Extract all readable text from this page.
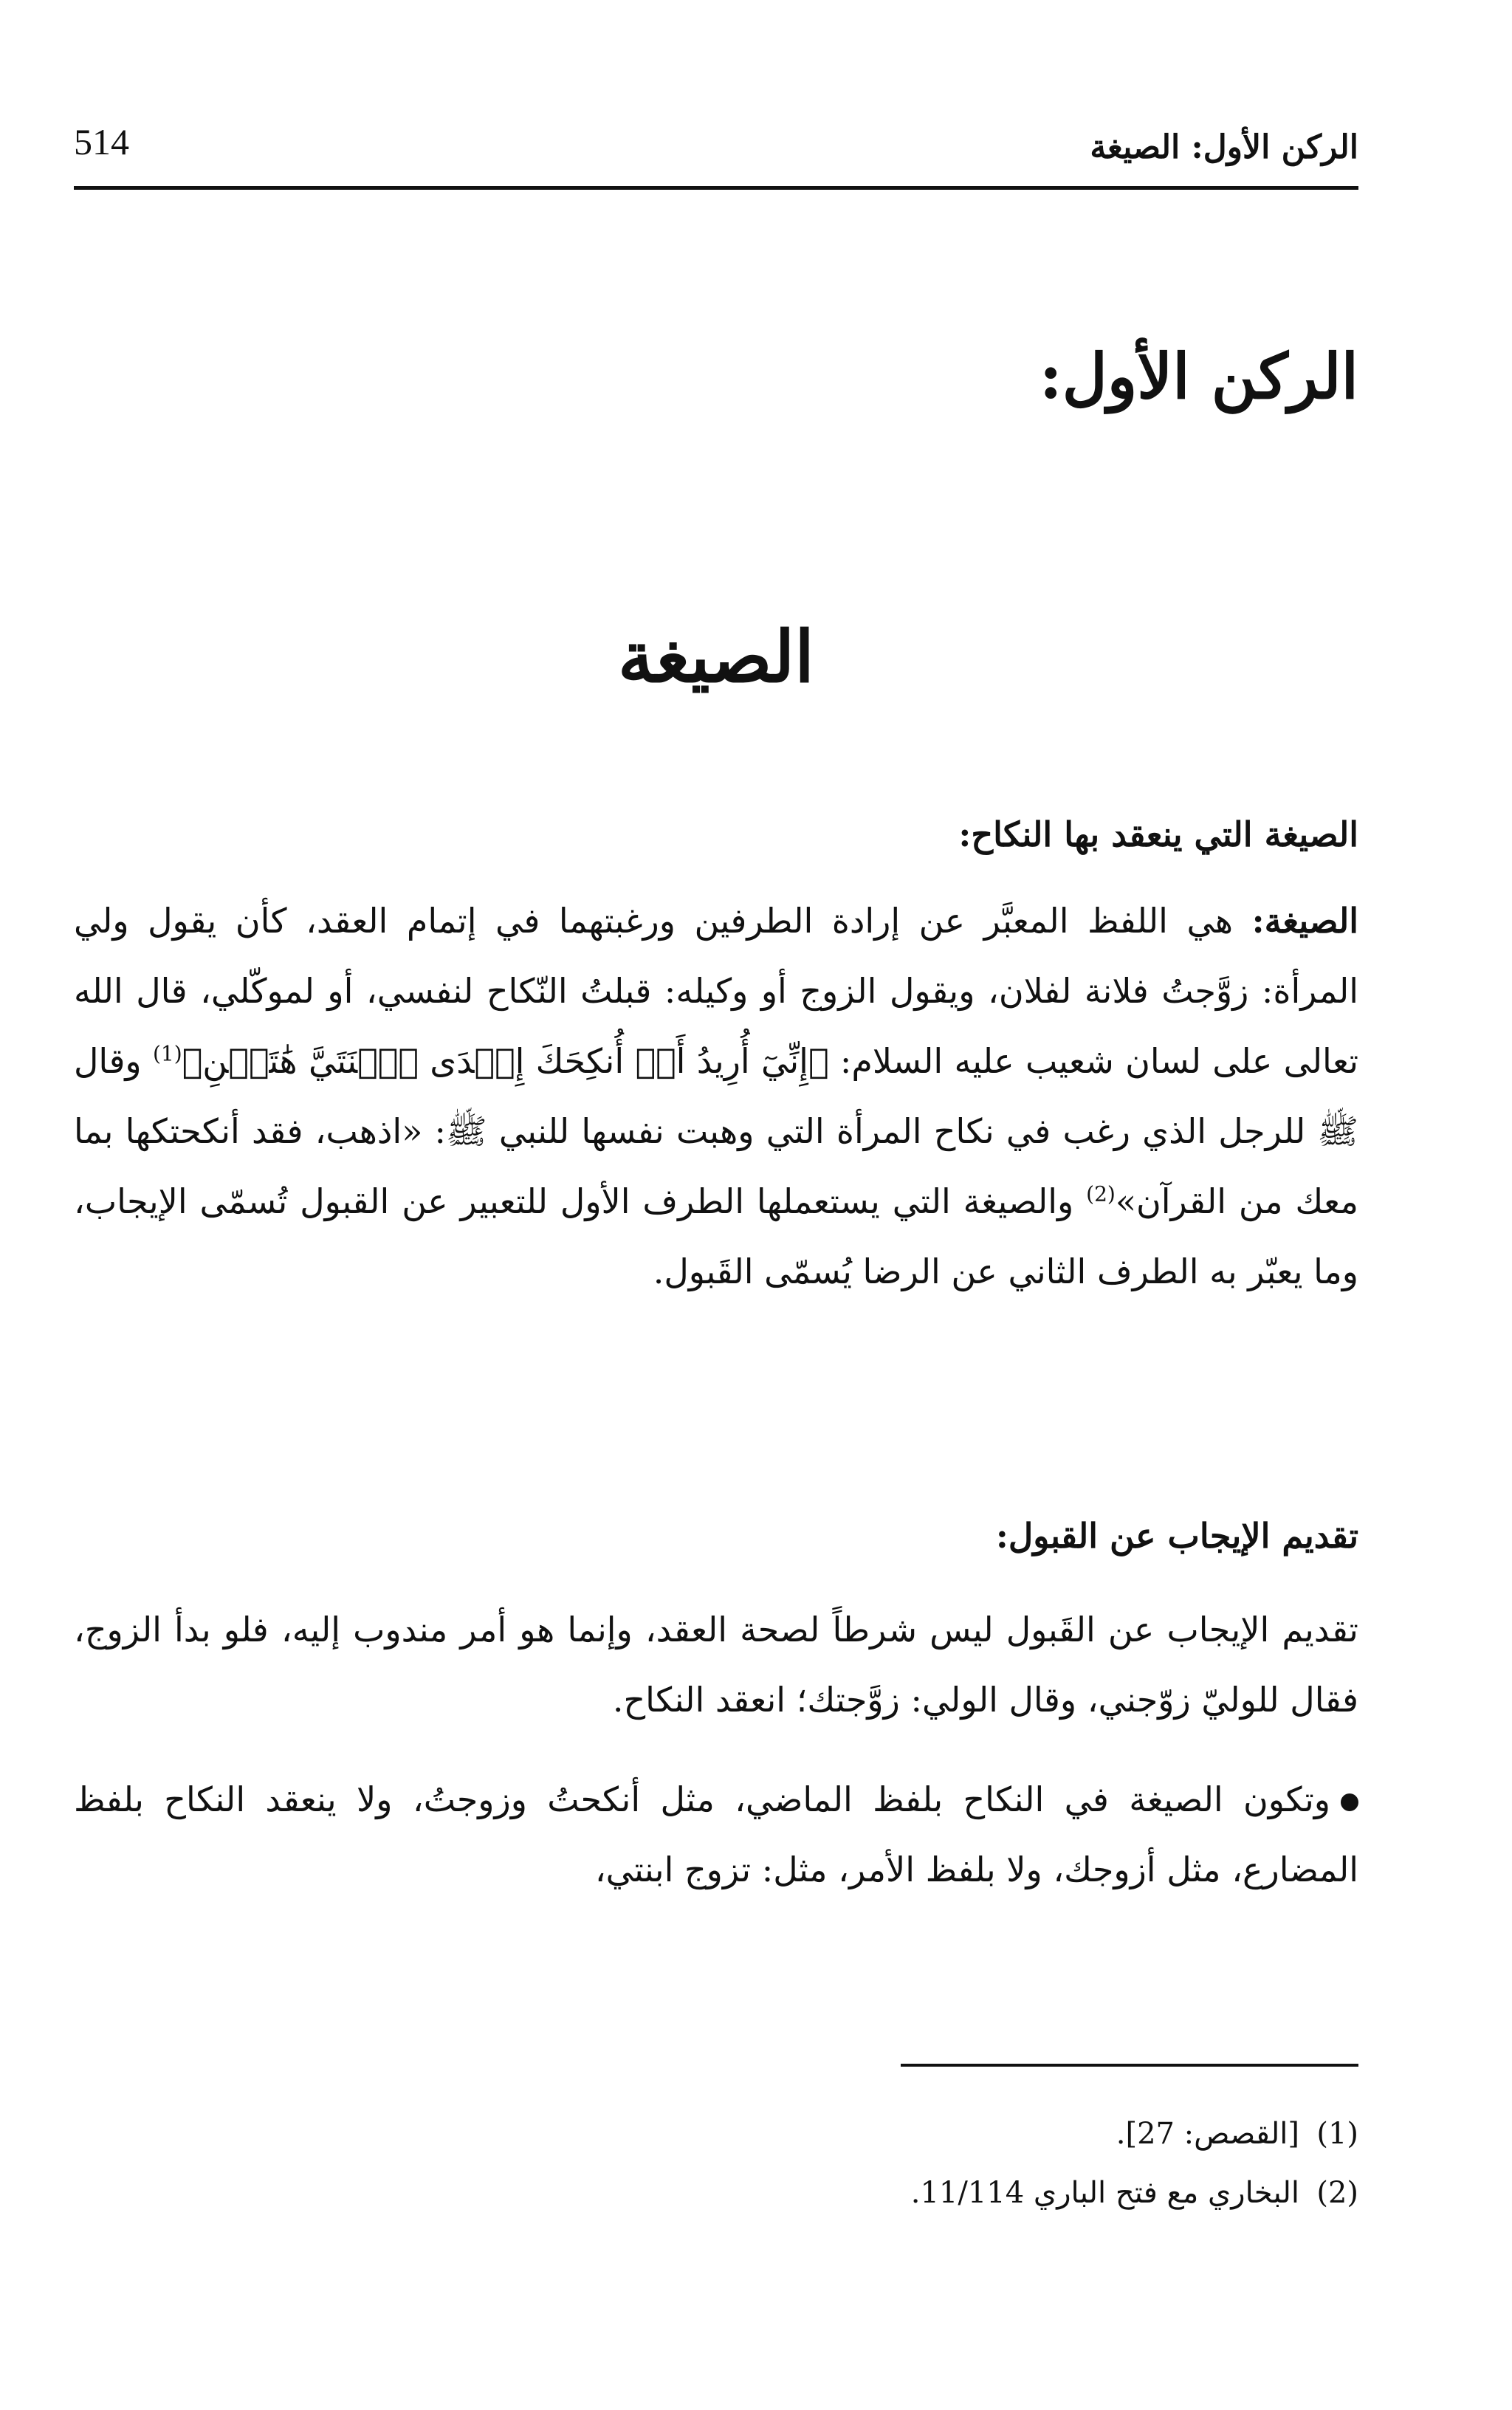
الركن الأول: الصيغة
514
الركن الأول:
الصيغة
الصيغة التي ينعقد بها النكاح:

الصيغة: هي اللفظ المعبَّر عن إرادة الطرفين ورغبتهما في إتمام العقد، كأن يقول ولي المرأة: زوَّجتُ فلانة لفلان، ويقول الزوج أو وكيله: قبلتُ النّكاح لنفسي، أو لموكّلي، قال الله تعالى على لسان شعيب عليه السلام: ﴿إِنِّيٓ أُرِيدُ أَنۡ أُنكِحَكَ إِحۡدَى ٱبۡنَتَيَّ هَٰتَيۡنِ﴾$^{(1)}$ وقال ﷺ للرجل الذي رغب في نكاح المرأة التي وهبت نفسها للنبي ﷺ: «اذهب، فقد أنكحتكها بما معك من القرآن»$^{(2)}$ والصيغة التي يستعملها الطرف الأول للتعبير عن القبول تُسمّى الإيجاب، وما يعبّر به الطرف الثاني عن الرضا يُسمّى القَبول.

تقديم الإيجاب عن القبول:

تقديم الإيجاب عن القَبول ليس شرطاً لصحة العقد، وإنما هو أمر مندوب إليه، فلو بدأ الزوج، فقال للوليّ زوّجني، وقال الولي: زوَّجتك؛ انعقد النكاح.

وتكون الصيغة في النكاح بلفظ الماضي، مثل أنكحتُ وزوجتُ، ولا ينعقد النكاح بلفظ المضارع، مثل أزوجك، ولا بلفظ الأمر، مثل: تزوج ابنتي،

(1)[القصص: 27].
(2)البخاري مع فتح الباري 11/114.
